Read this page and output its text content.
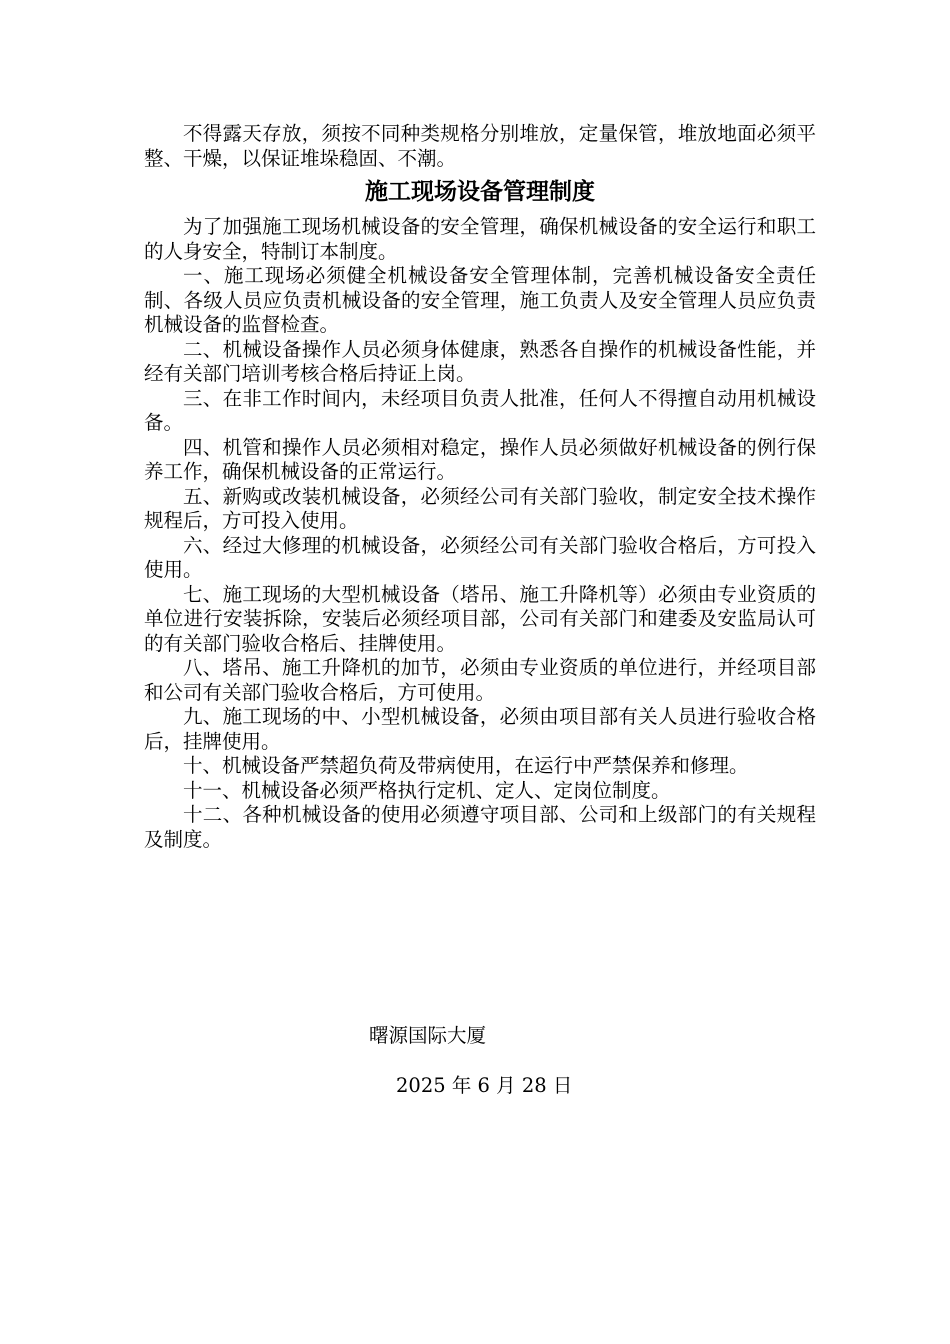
不得露天存放，须按不同种类规格分别堆放，定量保管，堆放地面必须平整、干燥，以保证堆垛稳固、不潮。

施工现场设备管理制度

为了加强施工现场机械设备的安全管理，确保机械设备的安全运行和职工的人身安全，特制订本制度。

一、施工现场必须健全机械设备安全管理体制，完善机械设备安全责任制、各级人员应负责机械设备的安全管理，施工负责人及安全管理人员应负责机械设备的监督检查。

二、机械设备操作人员必须身体健康，熟悉各自操作的机械设备性能，并经有关部门培训考核合格后持证上岗。

三、在非工作时间内，未经项目负责人批准，任何人不得擅自动用机械设备。

四、机管和操作人员必须相对稳定，操作人员必须做好机械设备的例行保养工作，确保机械设备的正常运行。

五、新购或改装机械设备，必须经公司有关部门验收，制定安全技术操作规程后，方可投入使用。

六、经过大修理的机械设备，必须经公司有关部门验收合格后，方可投入使用。

七、施工现场的大型机械设备（塔吊、施工升降机等）必须由专业资质的单位进行安装拆除，安装后必须经项目部，公司有关部门和建委及安监局认可的有关部门验收合格后、挂牌使用。

八、塔吊、施工升降机的加节，必须由专业资质的单位进行，并经项目部和公司有关部门验收合格后，方可使用。

九、施工现场的中、小型机械设备，必须由项目部有关人员进行验收合格后，挂牌使用。

十、机械设备严禁超负荷及带病使用，在运行中严禁保养和修理。

十一、机械设备必须严格执行定机、定人、定岗位制度。

十二、各种机械设备的使用必须遵守项目部、公司和上级部门的有关规程及制度。

曙源国际大厦
2025 年 6 月 28 日
